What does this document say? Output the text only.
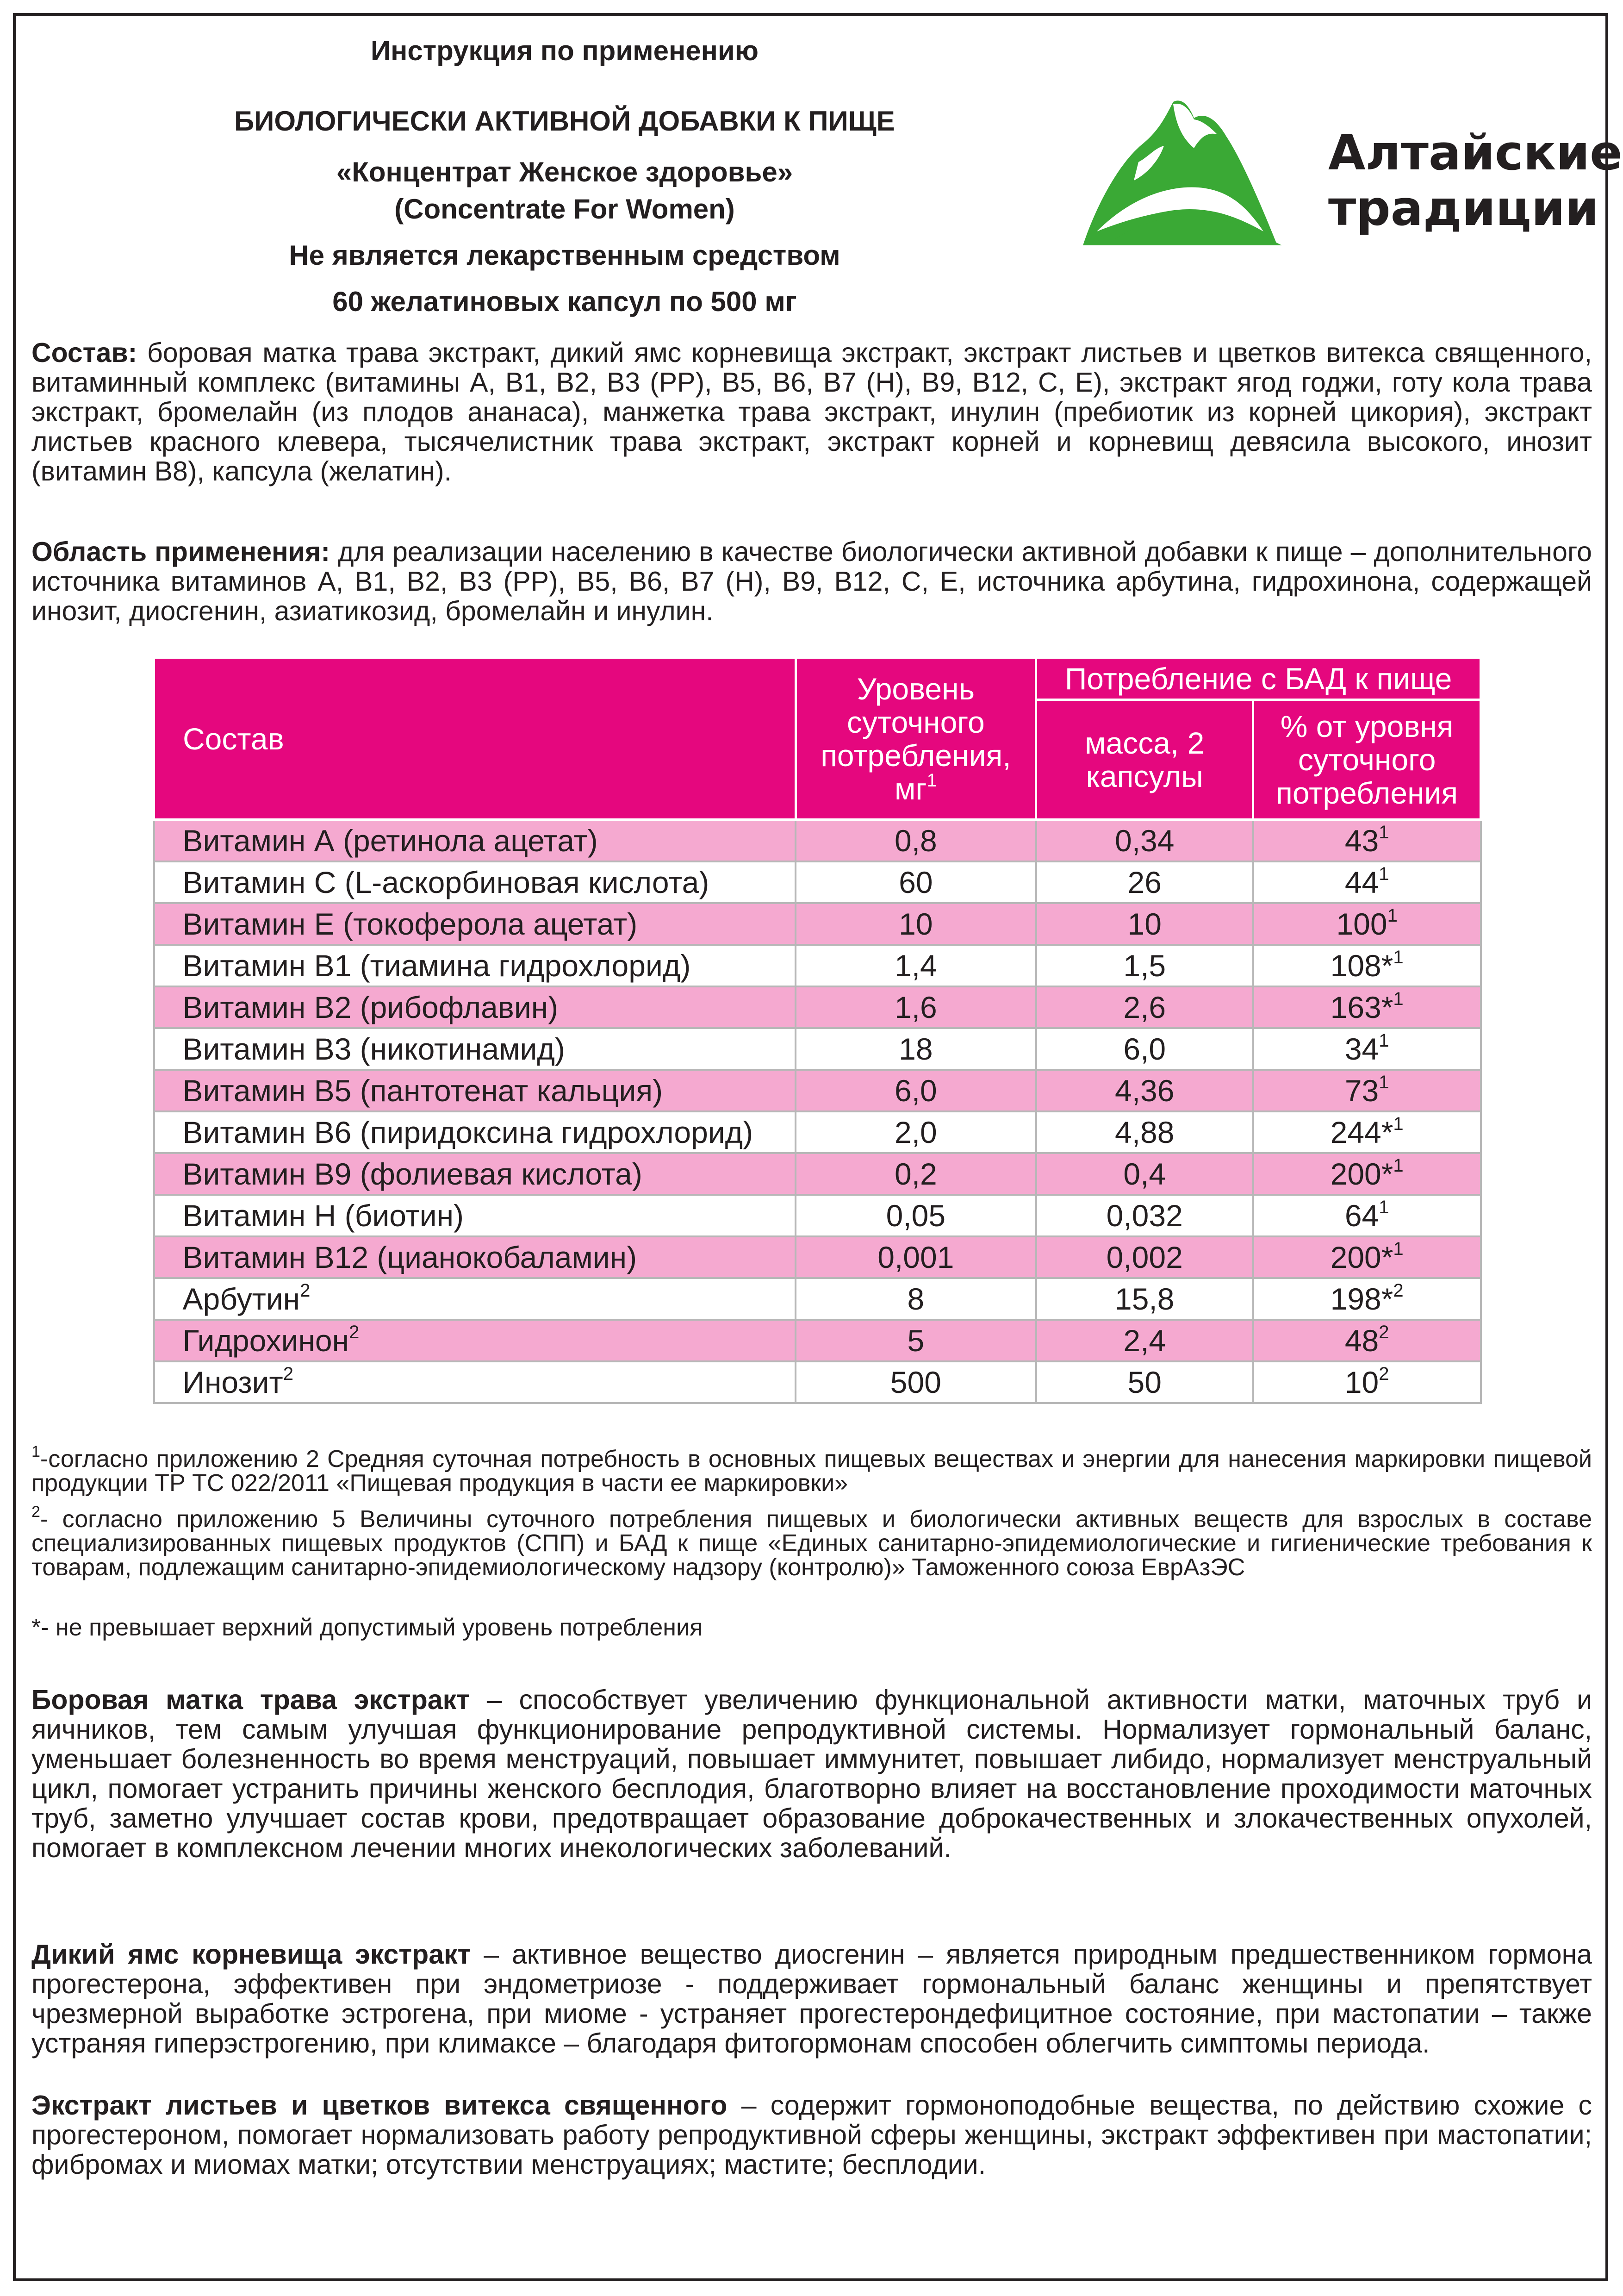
Инструкция по применению
БИОЛОГИЧЕСКИ АКТИВНОЙ ДОБАВКИ К ПИЩЕ
«Концентрат Женское здоровье»
(Concentrate For Women)
Не является лекарственным средством
60 желатиновых капсул по 500 мг
Алтайские
традиции
Состав: боровая матка трава экстракт, дикий ямс корневища экстракт, экстракт листьев и цветков витекса священного, витаминный комплекс (витамины А, В1, В2, В3 (РР), В5, В6, В7 (Н), В9, В12, С, Е), экстракт ягод годжи, готу кола трава экстракт, бромелайн (из плодов ананаса), манжетка трава экстракт, инулин (пребиотик из корней цикория), экстракт листьев красного клевера, тысячелистник трава экстракт, экстракт корней и корневищ девясила высокого, инозит (витамин В8), капсула (желатин).
Область применения: для реализации населению в качестве биологически активной добавки к пище – дополнительного источника витаминов А, В1, В2, В3 (РР), В5, В6, В7 (Н), В9, В12, С, Е, источника арбутина, гидрохинона, содержащей инозит, диосгенин, азиатикозид, бромелайн и инулин.
Состав	Уровень суточного потребления, $мг^1$	Потребление с БАД к пище	
		масса, 2 капсулы	% от уровня суточного потребления
Витамин А (ретинола ацетат)	0,8	0,34	$43^1$
Витамин С (L-аскорбиновая кислота)	60	26	$44^1$
Витамин Е (токоферола ацетат)	10	10	$100^1$
Витамин В1 (тиамина гидрохлорид)	1,4	1,5	108*$^1$
Витамин В2 (рибофлавин)	1,6	2,6	163*$^1$
Витамин В3 (никотинамид)	18	6,0	$34^1$
Витамин В5 (пантотенат кальция)	6,0	4,36	$73^1$
Витамин В6 (пиридоксина гидрохлорид)	2,0	4,88	244*$^1$
Витамин В9 (фолиевая кислота)	0,2	0,4	200*$^1$
Витамин Н (биотин)	0,05	0,032	$64^1$
Витамин В12 (цианокобаламин)	0,001	0,002	200*$^1$
Арбутин$^2$	8	15,8	198*$^2$
Гидрохинон$^2$	5	2,4	$48^2$
Инозит$^2$	500	50	$10^2$
$^1$-согласно приложению 2 Средняя суточная потребность в основных пищевых веществах и энергии для нанесения маркировки пищевой продукции ТР ТС 022/2011 «Пищевая продукция в части ее маркировки»
$^2$- согласно приложению 5 Величины суточного потребления пищевых и биологически активных веществ для взрослых в составе специализированных пищевых продуктов (СПП) и БАД к пище «Единых санитарно-эпидемиологические и гигиенические требования к товарам, подлежащим санитарно-эпидемиологическому надзору (контролю)» Таможенного союза ЕврАзЭС
*- не превышает верхний допустимый уровень потребления
Боровая матка трава экстракт – способствует увеличению функциональной активности матки, маточных труб и яичников, тем самым улучшая функционирование репродуктивной системы. Нормализует гормональный баланс, уменьшает болезненность во время менструаций, повышает иммунитет, повышает либидо, нормализует менструальный цикл, помогает устранить причины женского бесплодия, благотворно влияет на восстановление проходимости маточных труб, заметно улучшает состав крови, предотвращает образование доброкачественных и злокачественных опухолей, помогает в комплексном лечении многих инекологических заболеваний.
Дикий ямс корневища экстракт – активное вещество диосгенин – является природным предшественником гормона прогестерона, эффективен при эндометриозе - поддерживает гормональный баланс женщины и препятствует чрезмерной выработке эстрогена, при миоме - устраняет прогестерондефицитное состояние, при мастопатии – также устраняя гиперэстрогению, при климаксе – благодаря фитогормонам способен облегчить симптомы периода.
Экстракт листьев и цветков витекса священного – содержит гормоноподобные вещества, по действию схожие с прогестероном, помогает нормализовать работу репродуктивной сферы женщины, экстракт эффективен при мастопатии; фибромах и миомах матки; отсутствии менструациях; мастите; бесплодии.
